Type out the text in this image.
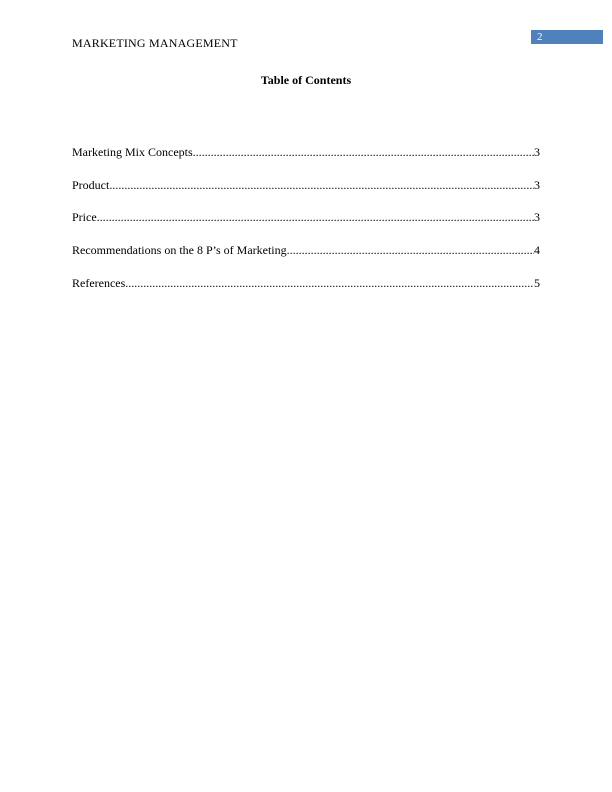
MARKETING MANAGEMENT	2
Table of Contents
Marketing Mix Concepts .....	3
Product .....	3
Price .....	3
Recommendations on the 8 P’s of Marketing .....	4
References .....	5
